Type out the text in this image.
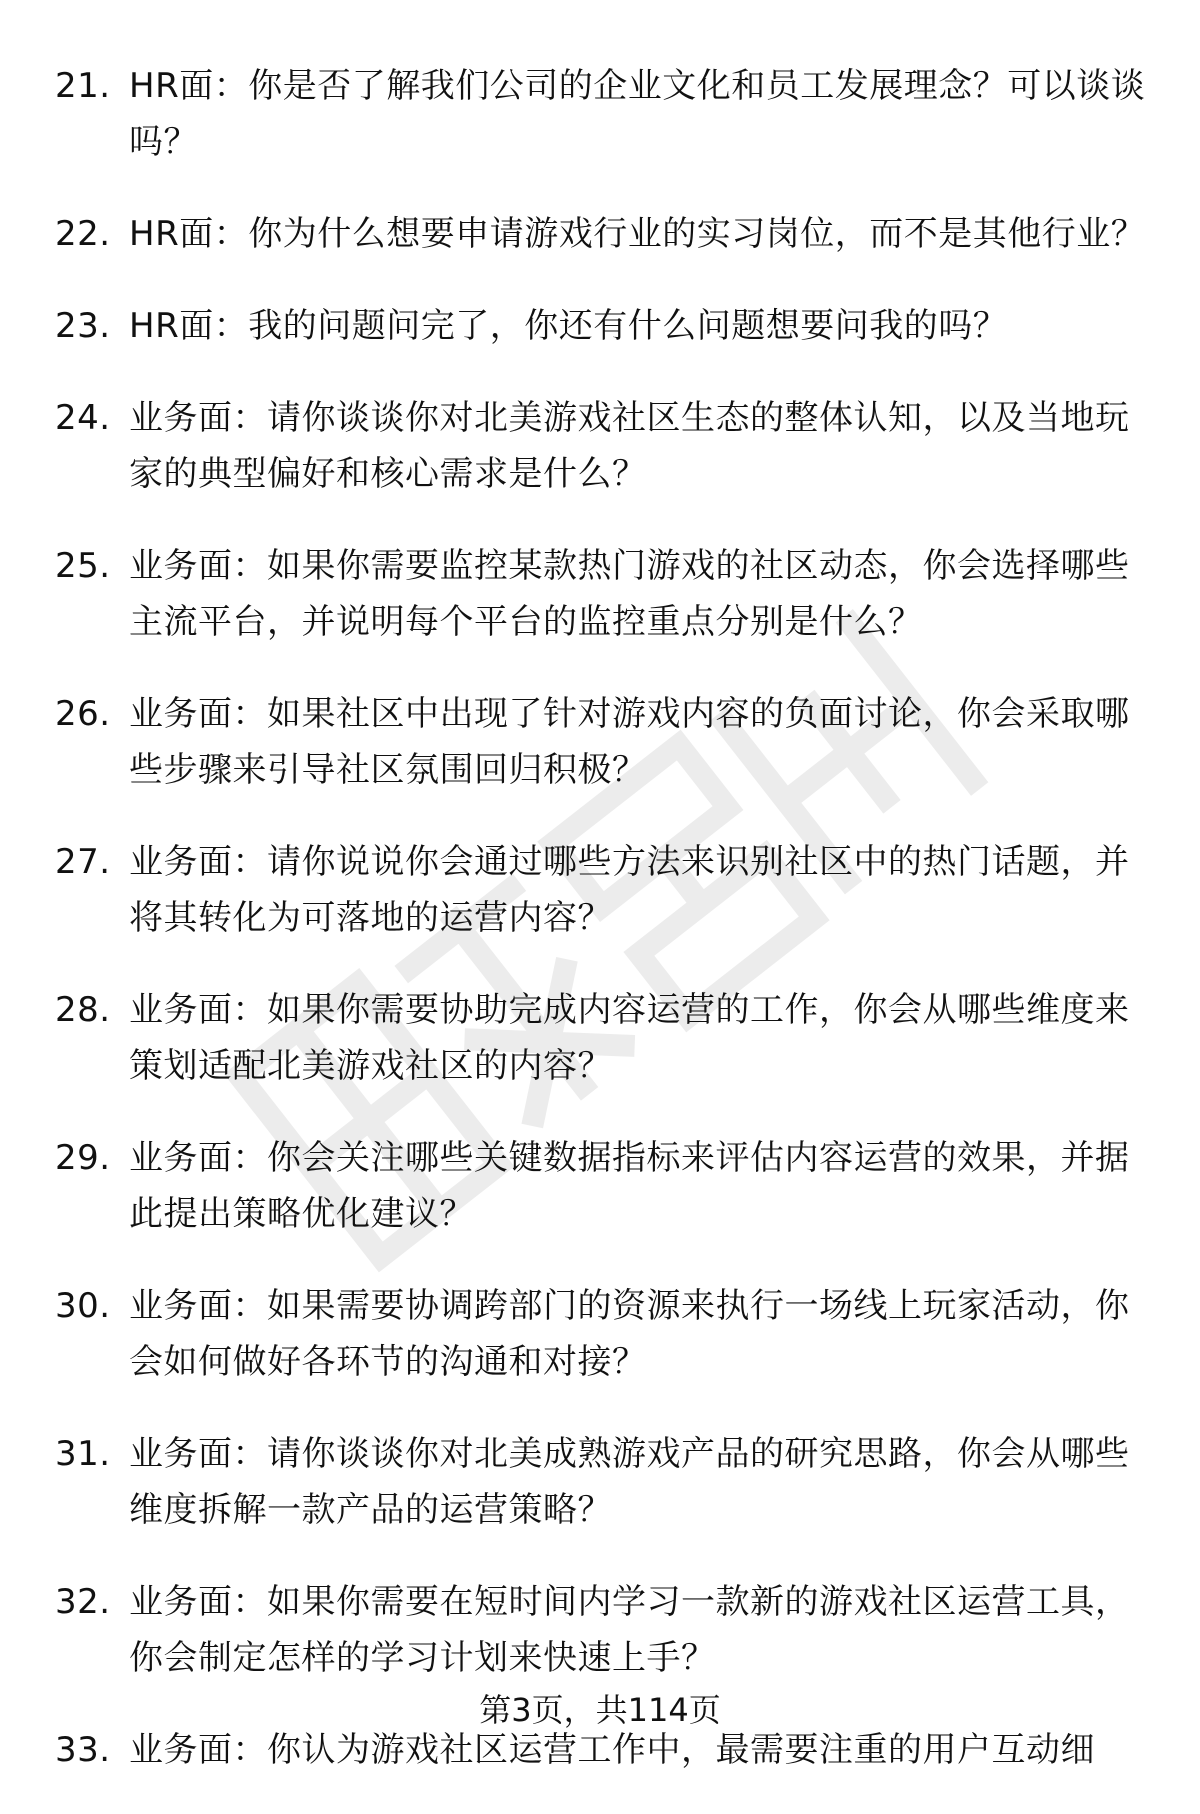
21. HR面：你是否了解我们公司的企业文化和员工发展理念？可以谈谈吗？
22. HR面：你为什么想要申请游戏行业的实习岗位，而不是其他行业？
23. HR面：我的问题问完了，你还有什么问题想要问我的吗？
24. 业务面：请你谈谈你对北美游戏社区生态的整体认知，以及当地玩家的典型偏好和核心需求是什么？
25. 业务面：如果你需要监控某款热门游戏的社区动态，你会选择哪些主流平台，并说明每个平台的监控重点分别是什么？
26. 业务面：如果社区中出现了针对游戏内容的负面讨论，你会采取哪些步骤来引导社区氛围回归积极？
27. 业务面：请你说说你会通过哪些方法来识别社区中的热门话题，并将其转化为可落地的运营内容？
28. 业务面：如果你需要协助完成内容运营的工作，你会从哪些维度来策划适配北美游戏社区的内容？
29. 业务面：你会关注哪些关键数据指标来评估内容运营的效果，并据此提出策略优化建议？
30. 业务面：如果需要协调跨部门的资源来执行一场线上玩家活动，你会如何做好各环节的沟通和对接？
31. 业务面：请你谈谈你对北美成熟游戏产品的研究思路，你会从哪些维度拆解一款产品的运营策略？
32. 业务面：如果你需要在短时间内学习一款新的游戏社区运营工具，你会制定怎样的学习计划来快速上手？
33. 业务面：你认为游戏社区运营工作中，最需要注重的用户互动细
第3页，共114页
